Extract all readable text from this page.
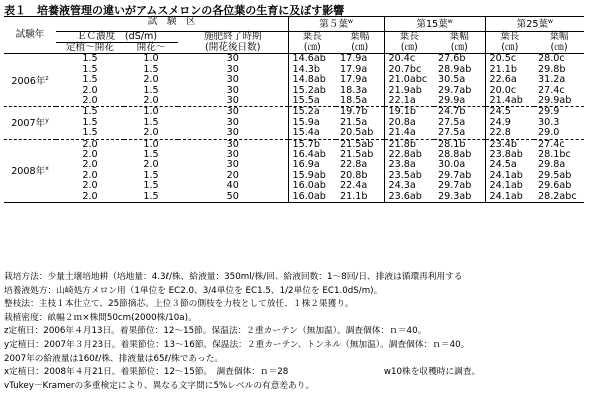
表１　培養液管理の違いがアムスメロンの各位葉の生育に及ぼす影響
試験年	試　験　区			第５葉$^w$		第15葉$^w$		第25葉$^w$
	ＥＣ濃度　(dS/m)		施肥終了時期	葉長	葉幅	葉長	葉幅	葉長	葉幅
	定植～開花	開花～	(開花後日数)	(㎝)	(㎝)	(㎝)	(㎝)	(㎝)	(㎝)
2006年$^z$	1.5	1.0	30	14.6ab	17.9a	20.4c	27.6b	20.5c	28.0c
	1.5	1.5	30	14.3b	17.9a	20.7bc	28.9ab	21.1b	29.8b
	1.5	2.0	30	14.8ab	17.9a	21.0abc	30.5a	22.6a	31.2a
	2.0	1.5	30	15.2ab	18.3a	21.9ab	29.7ab	20.0c	27.4c
	2.0	2.0	30	15.5a	18.5a	22.1a	29.9a	21.4ab	29.9ab
2007年$^y$	1.5	1.0	30	15.2a	19.7b	19.1b	24.7b	24.5	29.9
	1.5	1.5	30	15.9a	21.5a	20.8a	27.5a	24.9	30.3
	1.5	2.0	30	15.4a	20.5ab	21.4a	27.5a	22.8	29.0
2008年$^x$	2.0	1.0	30	15.7b	21.5ab	21.8b	28.1b	23.4b	27.4c
	2.0	1.5	30	16.4ab	21.5ab	22.8ab	28.8ab	23.8ab	28.1bc
	2.0	2.0	30	16.9a	22.8a	23.8a	30.0a	24.5a	29.8a
	2.0	1.5	20	15.9ab	20.8b	23.5ab	29.7ab	24.1ab	29.5ab
	2.0	1.5	40	16.0ab	22.4a	24.3a	29.7ab	24.1ab	29.6ab
	2.0	1.5	50	16.0ab	21.1b	23.6ab	29.3ab	24.1ab	28.2abc
栽培方法：少量土壌培地耕（培地量：4.3ℓ/株、給液量：350ml/株/回、給液回数：1～8回/日、排液は循環再利用する
培養液処方：山崎処方メロン用（1単位を EC2.0、3/4単位を EC1.5、1/2単位を EC1.0dS/m)。
整枝法：主枝１本仕立て、25節摘芯。上位３節の側枝を力枝として放任、１株２果獲り。
栽植密度：畝幅２ｍ×株間50cm(2000株/10a)。
z定植日：2006年４月13日。着果節位：12～15節。保温法：２重カーテン（無加温）。調査個体：ｎ＝40。
y定植日：2007年３月23日。着果節位：13～16節。保温法：２重カーテン、トンネル（無加温）。調査個体：ｎ＝40。
2007年の給液量は160ℓ/株、排液量は65ℓ/株であった。
x定植日：2008年４月21日。着果節位：12～15節。　調査個体：ｎ＝28　　　　　　　　　　　w10株を収穫時に調査。
vTukey－Kramerの多重検定により、異なる文字間に5%レベルの有意差あり。
